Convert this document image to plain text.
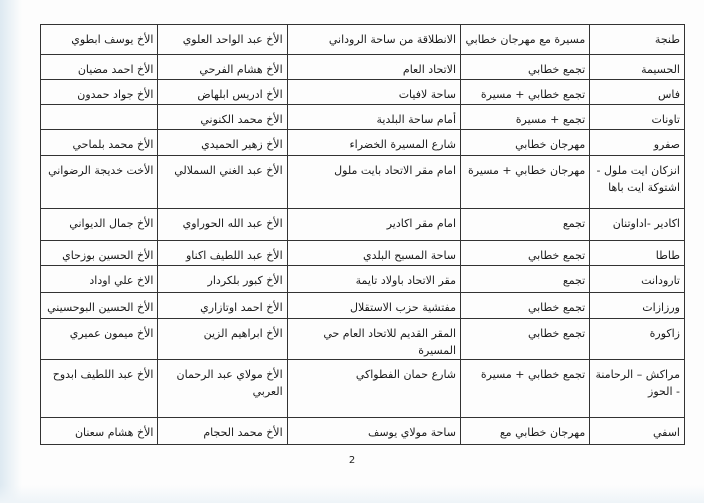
طنجة	مسيرة مع مهرجان خطابي	الانطلاقة من ساحة الروداني	الأخ عبد الواحد العلوي	الأخ يوسف ابطوي

الحسيمة	تجمع خطابي	الاتحاد العام	الأخ هشام الفرحي	الأخ احمد مضيان

فاس	تجمع خطابي + مسيرة	ساحة لافيات	الأخ ادريس ابلهاض	الأخ جواد حمدون

تاونات	تجمع + مسيرة	أمام ساحة البلدية	الأخ محمد الكنوني	

صفرو	مهرجان خطابي	شارع المسيرة الخضراء	الأخ زهير الحميدي	الأخ محمد بلماحي

انزكان ايت ملول - اشتوكة ايت باها	مهرجان خطابي + مسيرة	امام مقر الاتحاد بايت ملول	الأخ عبد الغني السملالي	الأخت خديجة الرضواني

اكادير -اداوتنان	تجمع	امام مقر اكادير	الأخ عبد الله الحوراوي	الأخ جمال الديواني

طاطا	تجمع خطابي	ساحة المسبح البلدي	الأخ عبد اللطيف اكناو	الأخ الحسين بوزحاي

تارودانت	تجمع	مقر الاتحاد باولاد تايمة	الأخ كبور بلكردار	الاخ علي اوداد

ورزازات	تجمع خطابي	مفتشية حزب الاستقلال	الأخ احمد اوتازاري	الأخ الحسين البوحسيني

زاكورة	تجمع خطابي	المقر القديم للاتحاد العام حي المسيرة	الأخ ابراهيم الزين	الأخ ميمون عميري

مراكش – الرحامنة - الحوز	تجمع خطابي + مسيرة	شارع حمان الفطواكي	الأخ مولاي عبد الرحمان العربي	الأخ عبد اللطيف ابدوح

اسفي	مهرجان خطابي مع	ساحة مولاي يوسف	الأخ محمد الحجام	الأخ هشام سعنان
2
